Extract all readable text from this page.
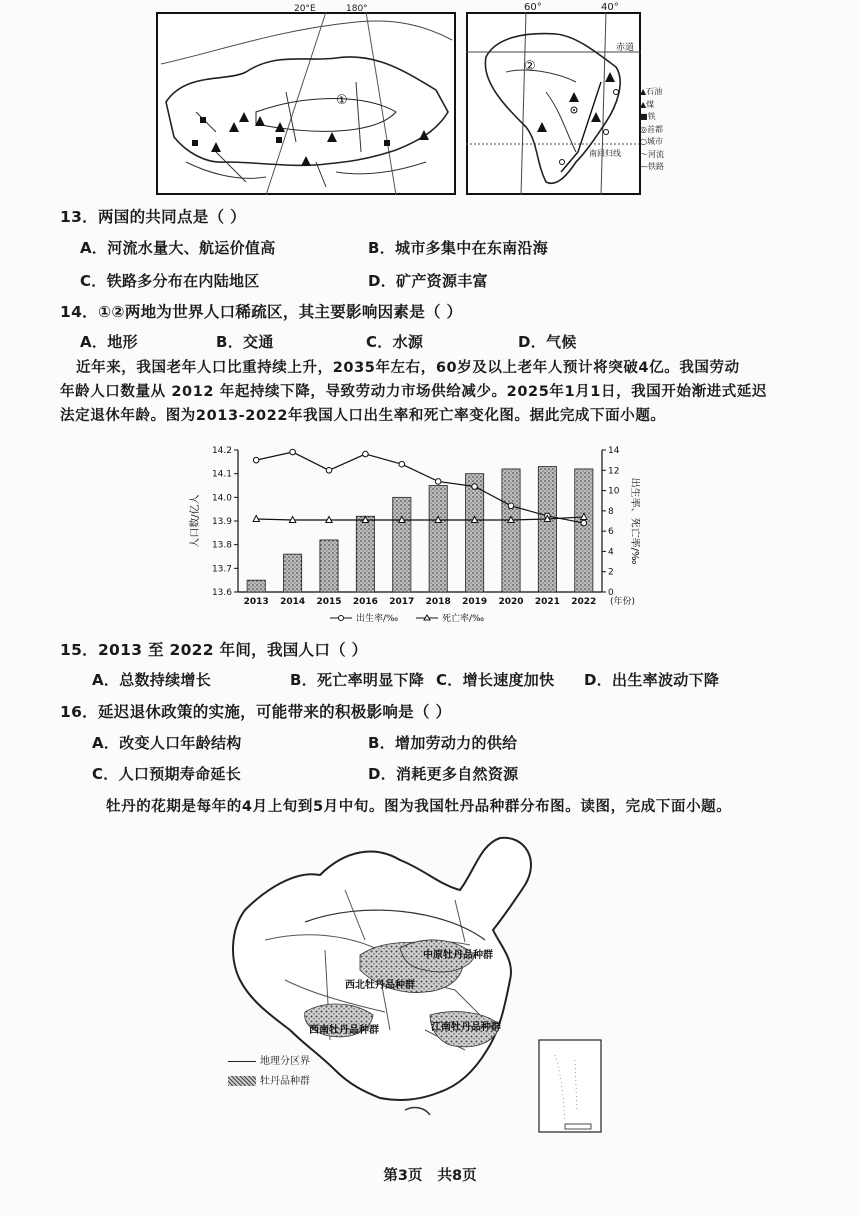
①
20°E	180°
②
赤道
南回归线
60°	40°
▲石油
▲煤
■铁
◎首都
○城市
〜河流
—铁路
13．两国的共同点是（ ）
A．河流水量大、航运价值高	B．城市多集中在东南沿海
C．铁路多分布在内陆地区	D．矿产资源丰富
14．①②两地为世界人口稀疏区，其主要影响因素是（ ）
A．地形	B．交通	C．水源	D．气候
近年来，我国老年人口比重持续上升，2035年左右，60岁及以上老年人预计将突破4亿。我国劳动
年龄人口数量从 2012 年起持续下降，导致劳动力市场供给减少。2025年1月1日，我国开始渐进式延迟
法定退休年龄。图为2013-2022年我国人口出生率和死亡率变化图。据此完成下面小题。
13.6
13.7
13.8
13.9
14.0
14.1
14.2
0
2
4
6
8
10
12
14
2013 2014 2015 2016 2017 2018 2019 2020 2021 2022 (年份)
人口数/亿人	出生率、死亡率/‰
出生率/‰	死亡率/‰
15．2013 至 2022 年间，我国人口（ ）
A．总数持续增长	B．死亡率明显下降 C．增长速度加快 D．出生率波动下降
16．延迟退休政策的实施，可能带来的积极影响是（ ）
A．改变人口年龄结构	B．增加劳动力的供给
C．人口预期寿命延长	D．消耗更多自然资源
牡丹的花期是每年的4月上旬到5月中旬。图为我国牡丹品种群分布图。读图，完成下面小题。
中原牡丹品种群
西北牡丹品种群
西南牡丹品种群	江南牡丹品种群
地理分区界
牡丹品种群
第3页   共8页
